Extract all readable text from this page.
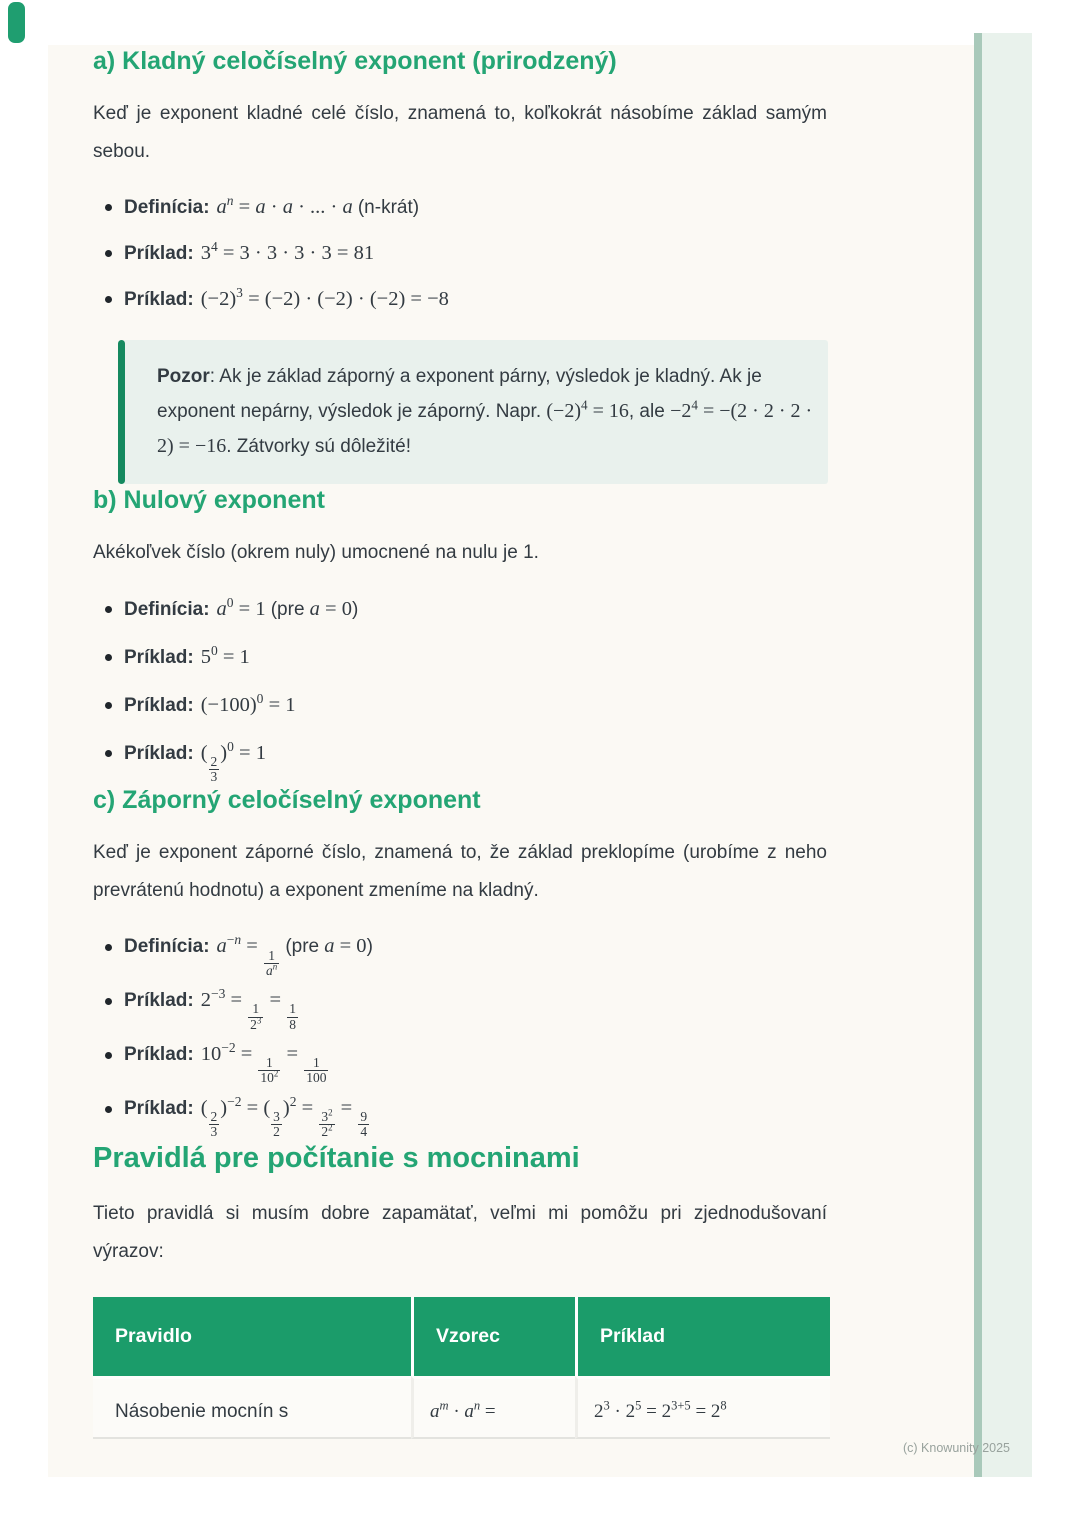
a) Kladný celočíselný exponent (prirodzený)

Keď je exponent kladné celé číslo, znamená to, koľkokrát násobíme základ samým sebou.

Definícia: $a^n = a \cdot a$ · ... · a (n-krát)
Príklad: $3^4 = 3 \cdot 3 \cdot 3 \cdot 3 = 81$
Príklad: $(-2)^3 = (-2) \cdot (-2) \cdot (-2) = -8$

Pozor: Ak je základ záporný a exponent párny, výsledok je kladný. Ak je exponent nepárny, výsledok je záporný. Napr. $(-2)^4 = 16$, ale $-2^4 = -(2 \cdot 2 \cdot 2 \cdot 2) = -16$. Zátvorky sú dôležité!

b) Nulový exponent

Akékoľvek číslo (okrem nuly) umocnené na nulu je 1.

Definícia: $a^0 = 1$ (pre a = 0)
Príklad: $5^0 = 1$
Príklad: $(-100)^0 = 1$
Príklad: (
$\frac{2}{3}$
)$^0$ = 1
c) Záporný celočíselný exponent

Keď je exponent záporné číslo, znamená to, že základ preklopíme (urobíme z neho prevrátenú hodnotu) a exponent zmeníme na kladný.

Definícia: $a^{-n}$ =
$\frac{1}{a^n}$
(pre a = 0)
Príklad: $2^{-3}$ =
$\frac{1}{2^3}$
=
$\frac{1}{8}$
Príklad: $10^{-2}$ =
$\frac{1}{10^2}$
=
$\frac{1}{100}$
Príklad: (
$\frac{2}{3}$
)$^{-2}$ = (
$\frac{3}{2}$
)$^2$ =
$\frac{3^2}{2^2}$
=
$\frac{9}{4}$
Pravidlá pre počítanie s mocninami

Tieto pravidlá si musím dobre zapamätať, veľmi mi pomôžu pri zjednodušovaní výrazov:

Pravidlo	Vzorec	Príklad
Násobenie mocnín s	$a^m \cdot a^n$ =	$2^3 \cdot 2^5 = 2^{3+5} = 2^8$
(c) Knowunity 2025
